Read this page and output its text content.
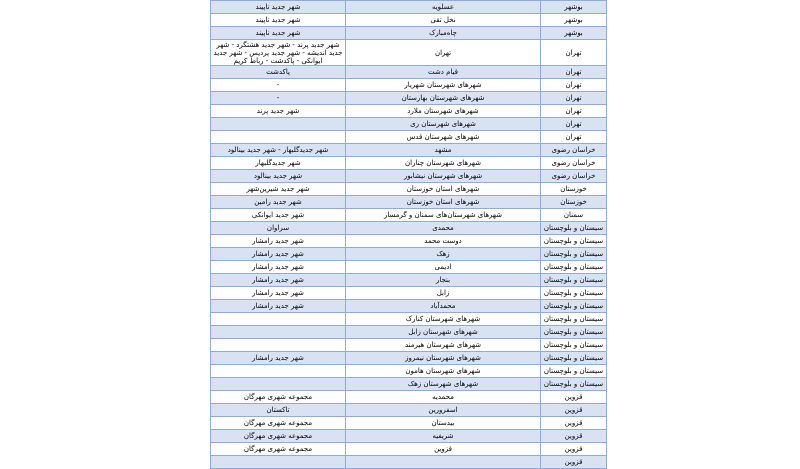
بوشهر	عسلویه	شهر جدید ناپیند
بوشهر	نخل تقی	شهر جدید ناپیند
بوشهر	چاه‌مبارک	شهر جدید ناپیند
تهران	تهران	شهر جدید پرند - شهر جدید هشتگرد - شهر جدید اندیشه - شهر جدید پردیس - شهر جدید ایوانکی - پاکدشت - رباط کریم
تهران	قیام دشت	پاکدشت
تهران	شهرهای شهرستان شهریار	-
تهران	شهرهای شهرستان بهارستان	-
تهران	شهرهای شهرستان ملارد	شهر جدید پرند
تهران	شهرهای شهرستان ری	
تهران	شهرهای شهرستان قدس	
خراسان رضوی	مشهد	شهر جدیدگلبهار - شهر جدید بینالود
خراسان رضوی	شهرهای شهرستان چناران	شهر جدیدگلبهار
خراسان رضوی	شهرهای شهرستان نیشابور	شهر جدید بینالود
خوزستان	شهرهای استان خوزستان	شهر جدید شیرین‌شهر
خوزستان	شهرهای استان خوزستان	شهر جدید رامین
سمنان	شهرهای شهرستان‌های سمنان و گرمسار	شهر جدید ایوانکی
سیستان و بلوچستان	محمدی	سراوان
سیستان و بلوچستان	دوست محمد	شهر جدید رامشار
سیستان و بلوچستان	زهک	شهر جدید رامشار
سیستان و بلوچستان	ادیمی	شهر جدید رامشار
سیستان و بلوچستان	بنجار	شهر جدید رامشار
سیستان و بلوچستان	زابل	شهر جدید رامشار
سیستان و بلوچستان	محمدآباد	شهر جدید رامشار
سیستان و بلوچستان	شهرهای شهرستان کنارک	
سیستان و بلوچستان	شهرهای شهرستان زابل	
سیستان و بلوچستان	شهرهای شهرستان هیرمند	
سیستان و بلوچستان	شهرهای شهرستان نیمروز	شهر جدید رامشار
سیستان و بلوچستان	شهرهای شهرستان هامون	
سیستان و بلوچستان	شهرهای شهرستان زهک	
قزوین	محمدیه	مجموعه شهری مهرگان
قزوین	اسفرورین	تاکستان
قزوین	بیدستان	مجموعه شهری مهرگان
قزوین	شریفیه	مجموعه شهری مهرگان
قزوین	قزوین	مجموعه شهری مهرگان
قزوین		
